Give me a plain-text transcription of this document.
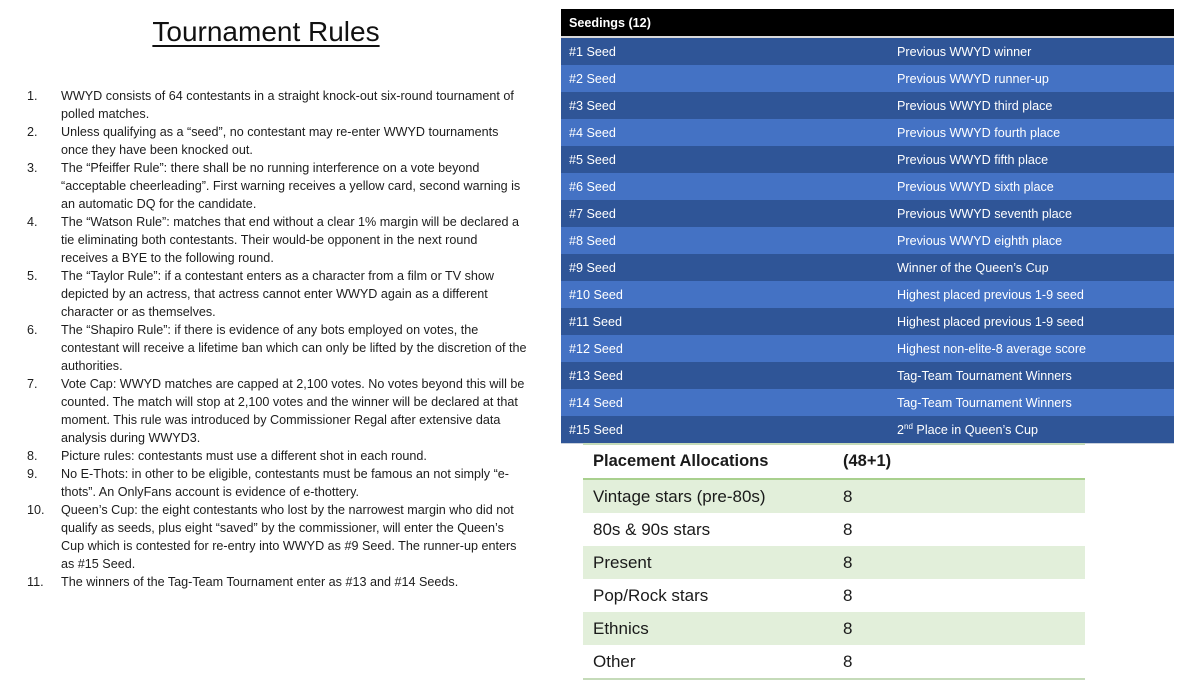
Tournament Rules
1.	WWYD consists of 64 contestants in a straight knock-out six-round tournament of polled matches.
2.	Unless qualifying as a “seed”, no contestant may re-enter WWYD tournaments once they have been knocked out.
3.	The “Pfeiffer Rule”: there shall be no running interference on a vote beyond “acceptable cheerleading”. First warning receives a yellow card, second warning is an automatic DQ for the candidate.
4.	The “Watson Rule”: matches that end without a clear 1% margin will be declared a tie eliminating both contestants. Their would-be opponent in the next round receives a BYE to the following round.
5.	The “Taylor Rule”: if a contestant enters as a character from a film or TV show depicted by an actress, that actress cannot enter WWYD again as a different character or as themselves.
6.	The “Shapiro Rule”: if there is evidence of any bots employed on votes, the contestant will receive a lifetime ban which can only be lifted by the discretion of the authorities.
7.	Vote Cap: WWYD matches are capped at 2,100 votes. No votes beyond this will be counted. The match will stop at 2,100 votes and the winner will be declared at that moment. This rule was introduced by Commissioner Regal after extensive data analysis during WWYD3.
8.	Picture rules: contestants must use a different shot in each round.
9.	No E-Thots: in other to be eligible, contestants must be famous an not simply “e-thots”. An OnlyFans account is evidence of e-thottery.
10.	Queen’s Cup: the eight contestants who lost by the narrowest margin who did not qualify as seeds, plus eight “saved” by the commissioner, will enter the Queen’s Cup which is contested for re-entry into WWYD as #9 Seed. The runner-up enters as #15 Seed.
11.	The winners of the Tag-Team Tournament enter as #13 and #14 Seeds.
Seedings (12)
#1 Seed	Previous WWYD winner
#2 Seed	Previous WWYD runner-up
#3 Seed	Previous WWYD third place
#4 Seed	Previous WWYD fourth place
#5 Seed	Previous WWYD fifth place
#6 Seed	Previous WWYD sixth place
#7 Seed	Previous WWYD seventh place
#8 Seed	Previous WWYD eighth place
#9 Seed	Winner of the Queen’s Cup
#10 Seed	Highest placed previous 1-9 seed
#11 Seed	Highest placed previous 1-9 seed
#12 Seed	Highest non-elite-8 average score
#13 Seed	Tag-Team Tournament Winners
#14 Seed	Tag-Team Tournament Winners
#15 Seed	2nd Place in Queen’s Cup
Placement Allocations	(48+1)
Vintage stars (pre-80s)	8
80s & 90s stars	8
Present	8
Pop/Rock stars	8
Ethnics	8
Other	8
